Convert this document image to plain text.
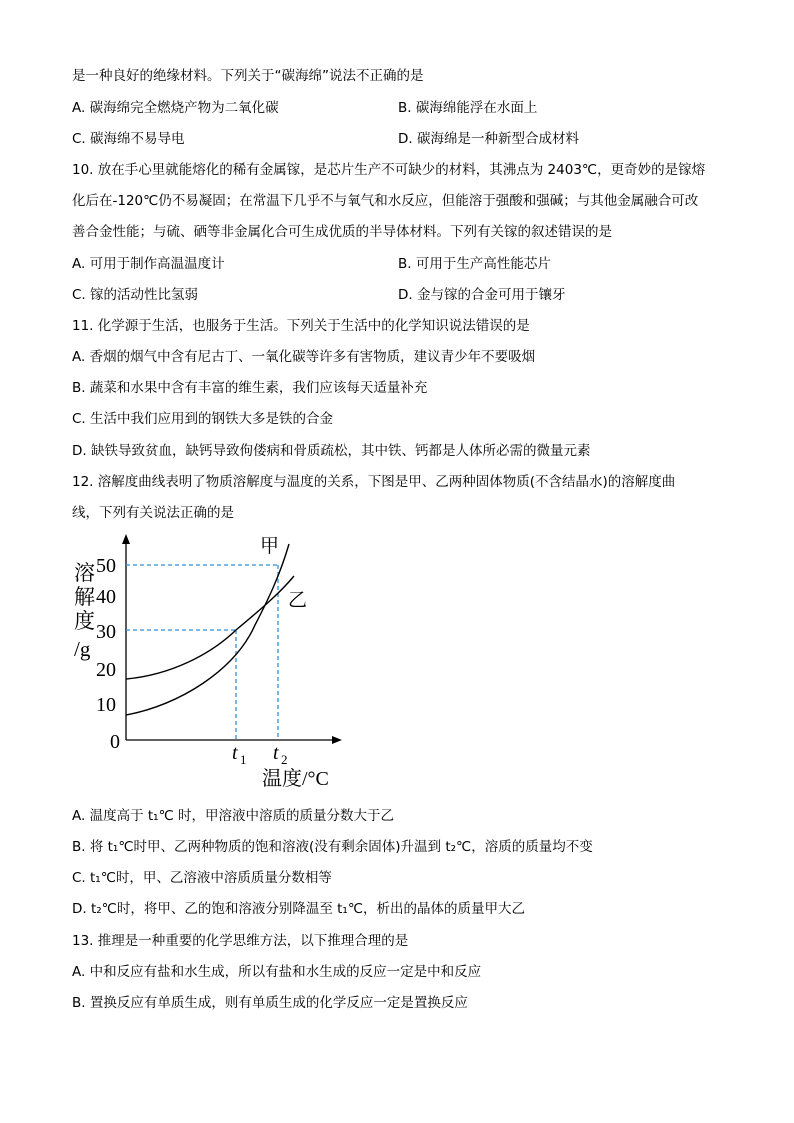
是一种良好的绝缘材料。下列关于“碳海绵”说法不正确的是
A. 碳海绵完全燃烧产物为二氧化碳	B. 碳海绵能浮在水面上
C. 碳海绵不易导电	D. 碳海绵是一种新型合成材料
10. 放在手心里就能熔化的稀有金属镓，是芯片生产不可缺少的材料，其沸点为 2403℃，更奇妙的是镓熔
化后在-120℃仍不易凝固；在常温下几乎不与氧气和水反应，但能溶于强酸和强碱；与其他金属融合可改
善合金性能；与硫、硒等非金属化合可生成优质的半导体材料。下列有关镓的叙述错误的是
A. 可用于制作高温温度计	B. 可用于生产高性能芯片
C. 镓的活动性比氢弱	D. 金与镓的合金可用于镶牙
11. 化学源于生活，也服务于生活。下列关于生活中的化学知识说法错误的是
A. 香烟的烟气中含有尼古丁、一氧化碳等许多有害物质，建议青少年不要吸烟
B. 蔬菜和水果中含有丰富的维生素，我们应该每天适量补充
C. 生活中我们应用到的钢铁大多是铁的合金
D. 缺铁导致贫血，缺钙导致佝偻病和骨质疏松，其中铁、钙都是人体所必需的微量元素
12. 溶解度曲线表明了物质溶解度与温度的关系，下图是甲、乙两种固体物质(不含结晶水)的溶解度曲
线，下列有关说法正确的是
溶
解
度
/g
50
40
30
20
10
0
甲
乙
t 1 t 2
温度/°C
A. 温度高于 t₁℃ 时，甲溶液中溶质的质量分数大于乙
B. 将 t₁℃时甲、乙两种物质的饱和溶液(没有剩余固体)升温到 t₂℃，溶质的质量均不变
C. t₁℃时，甲、乙溶液中溶质质量分数相等
D. t₂℃时，将甲、乙的饱和溶液分别降温至 t₁℃，析出的晶体的质量甲大乙
13. 推理是一种重要的化学思维方法，以下推理合理的是
A. 中和反应有盐和水生成，所以有盐和水生成的反应一定是中和反应
B. 置换反应有单质生成，则有单质生成的化学反应一定是置换反应
